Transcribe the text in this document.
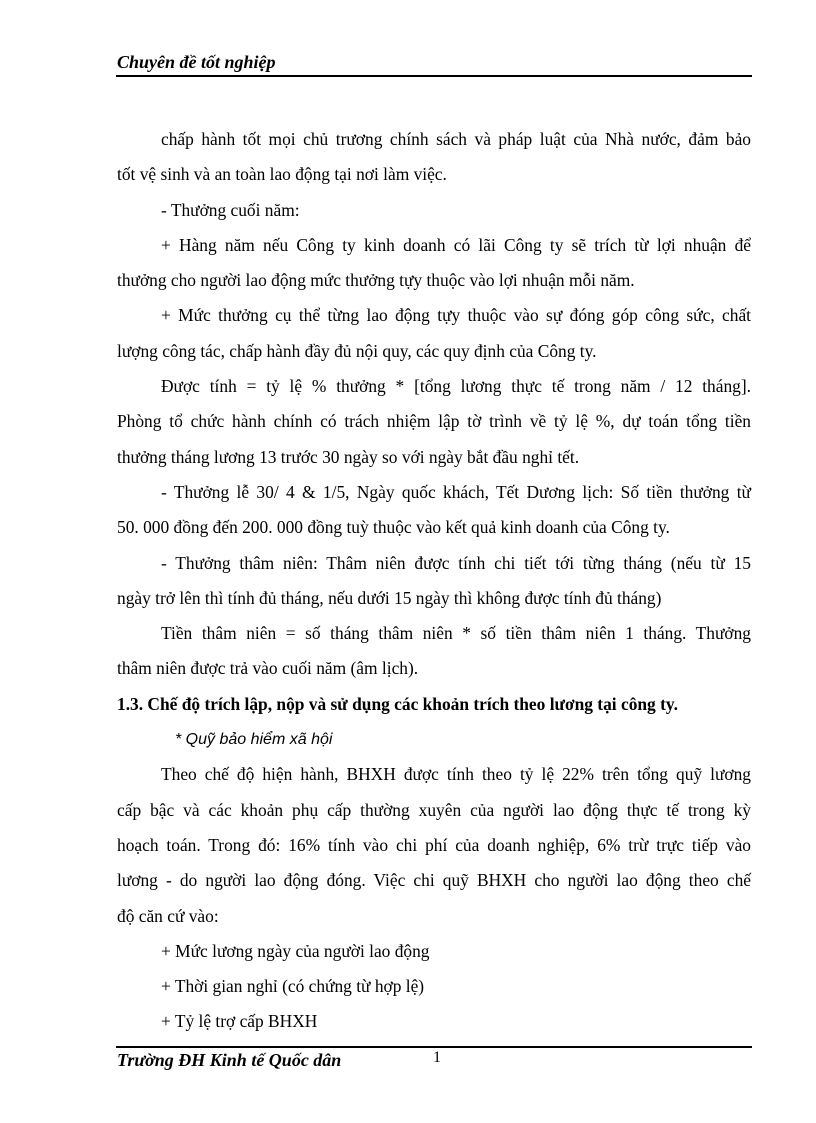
Chuyên đề tốt nghiệp
chấp hành tốt mọi chủ trương chính sách và pháp luật của Nhà nước, đảm bảo
tốt vệ sinh và an toàn lao động tại nơi làm việc.
- Thưởng cuối năm:
+ Hàng năm nếu Công ty kinh doanh có lãi Công ty sẽ trích từ lợi nhuận để
thưởng cho người lao động mức thưởng tựy thuộc vào lợi nhuận mỗi năm.
+ Mức thưởng cụ thể từng lao động tựy thuộc vào sự đóng góp công sức, chất
lượng công tác, chấp hành đầy đủ nội quy, các quy định của Công ty.
Được tính = tỷ lệ % thưởng * [tổng lương thực tế trong năm / 12 tháng].
Phòng tổ chức hành chính có trách nhiệm lập tờ trình về tỷ lệ %, dự toán tổng tiền
thưởng tháng lương 13 trước 30 ngày so với ngày bắt đầu nghỉ tết.
- Thưởng lễ 30/ 4 & 1/5, Ngày quốc khách, Tết Dương lịch: Số tiền thưởng từ
50. 000 đồng đến 200. 000 đồng tuỳ thuộc vào kết quả kinh doanh của Công ty.
- Thưởng thâm niên: Thâm niên được tính chi tiết tới từng tháng (nếu từ 15
ngày trở lên thì tính đủ tháng, nếu dưới 15 ngày thì không được tính đủ tháng)
Tiền thâm niên = số tháng thâm niên * số tiền thâm niên 1 tháng. Thưởng
thâm niên được trả vào cuối năm (âm lịch).
1.3. Chế độ trích lập, nộp và sử dụng các khoản trích theo lương tại công ty.
* Quỹ bảo hiểm xã hội
Theo chế độ hiện hành, BHXH được tính theo tỷ lệ 22% trên tổng quỹ lương
cấp bậc và các khoản phụ cấp thường xuyên của người lao động thực tế trong kỳ
hoạch toán. Trong đó: 16% tính vào chi phí của doanh nghiệp, 6% trừ trực tiếp vào
lương - do người lao động đóng. Việc chi quỹ BHXH cho người lao động theo chế
độ căn cứ vào:
+ Mức lương ngày của người lao động
+ Thời gian nghỉ (có chứng từ hợp lệ)
+ Tỷ lệ trợ cấp BHXH
Trường ĐH Kinh tế Quốc dân	1
